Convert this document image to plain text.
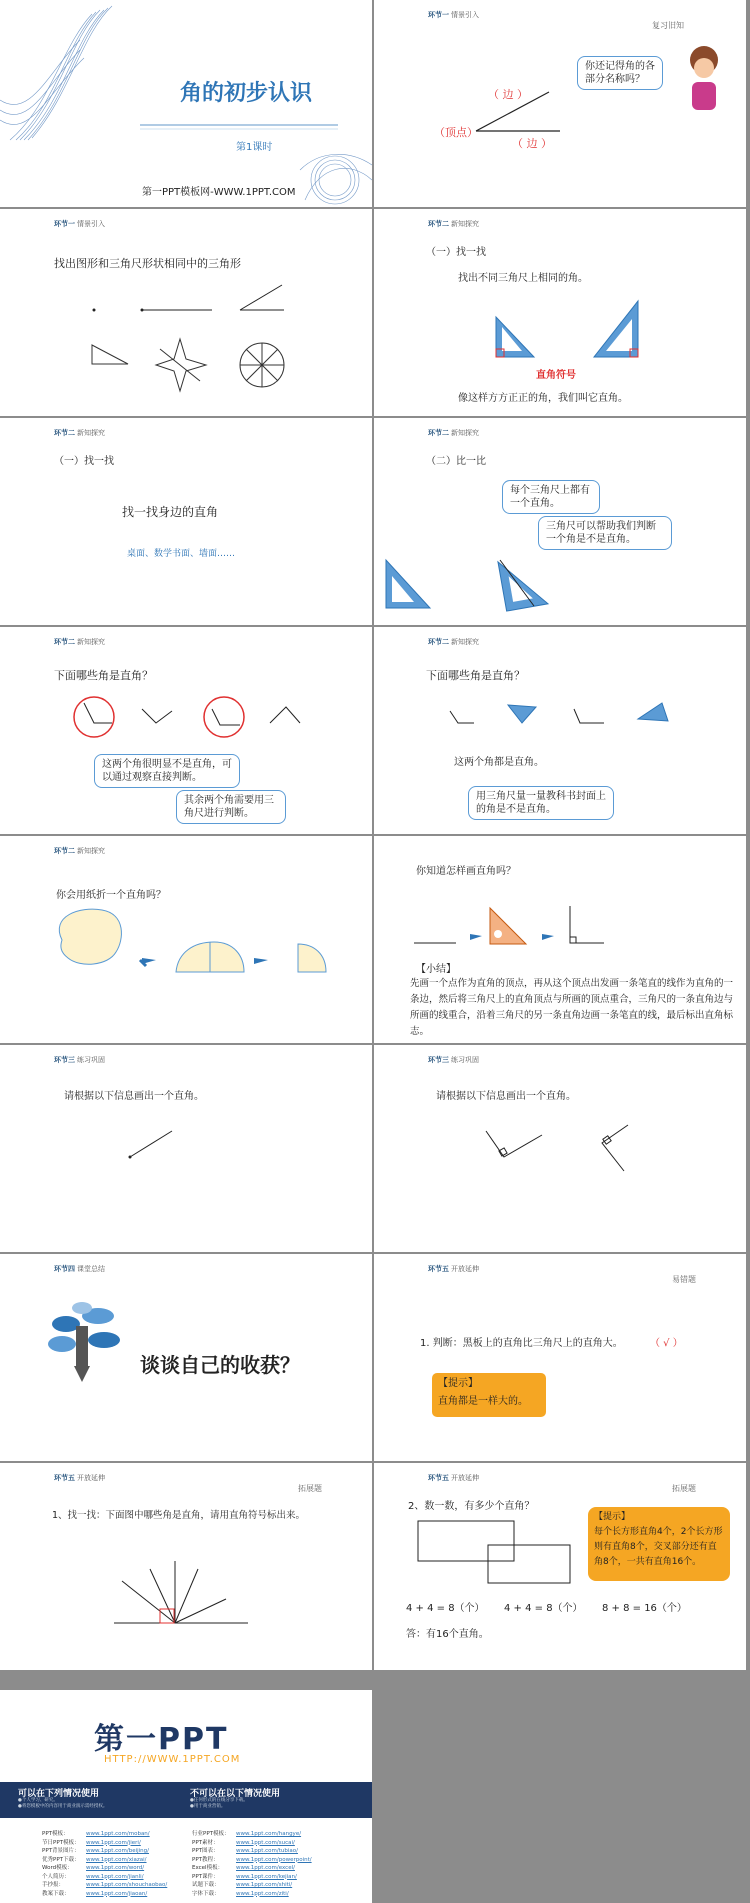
角的初步认识
第1课时
第一PPT模板网-WWW.1PPT.COM
环节一 情景引入
复习旧知
你还记得角的各部分名称吗？
（ 边 ）
（顶点）
（ 边 ）
环节一 情景引入
找出图形和三角尺形状相同中的三角形
环节二 新知探究
（一）找一找
找出不同三角尺上相同的角。
直角符号
像这样方方正正的角，我们叫它直角。
环节二 新知探究
（一）找一找
找一找身边的直角
桌面、数学书面、墙面……
环节二 新知探究
（二）比一比
每个三角尺上都有一个直角。
三角尺可以帮助我们判断一个角是不是直角。
环节二 新知探究
下面哪些角是直角？
这两个角很明显不是直角，可以通过观察直接判断。
其余两个角需要用三角尺进行判断。
环节二 新知探究
下面哪些角是直角？
这两个角都是直角。
用三角尺量一量教科书封面上的角是不是直角。
环节二 新知探究
你会用纸折一个直角吗？
你知道怎样画直角吗？
【小结】
先画一个点作为直角的顶点，再从这个顶点出发画一条笔直的线作为直角的一条边，然后将三角尺上的直角顶点与所画的顶点重合，三角尺的一条直角边与所画的线重合，沿着三角尺的另一条直角边画一条笔直的线，最后标出直角标志。
环节三 练习巩固
请根据以下信息画出一个直角。
环节三 练习巩固
请根据以下信息画出一个直角。
环节四 课堂总结
谈谈自己的收获？
环节五 开放延伸
易错题
1. 判断：黑板上的直角比三角尺上的直角大。	（ √ ）
【提示】
直角都是一样大的。
环节五 开放延伸
拓展题
1、找一找：下面图中哪些角是直角，请用直角符号标出来。
环节五 开放延伸
拓展题
2、数一数，有多少个直角？
【提示】
每个长方形直角4个，2个长方形则有直角8个，交叉部分还有直角8个，一共有直角16个。
4 + 4 = 8（个） 4 + 4 = 8（个） 8 + 8 = 16（个）
答：有16个直角。
第一PPT
HTTP://WWW.1PPT.COM
可以在下列情况使用
●个人学习、研究。
●将您模板中的内容用于商业演示需经授权。
不可以在以下情况使用
●任何形式的在线分享下载。
●用于商业营销。
PPT模板：	www.1ppt.com/moban/
节日PPT模板： www.1ppt.com/jieri/
PPT背景图片： www.1ppt.com/beijing/
优秀PPT下载： www.1ppt.com/xiazai/
Word模板： www.1ppt.com/word/
个人简历：	www.1ppt.com/jianli/
手抄报：	www.1ppt.com/shouchaobao/
教案下载：	www.1ppt.com/jiaoan/
行业PPT模板： www.1ppt.com/hangye/
PPT素材：	www.1ppt.com/sucai/
PPT图表：	www.1ppt.com/tubiao/
PPT教程：	www.1ppt.com/powerpoint/
Excel模板： www.1ppt.com/excel/
PPT课件：	www.1ppt.com/kejian/
试题下载：	www.1ppt.com/shiti/
字体下载：	www.1ppt.com/ziti/
